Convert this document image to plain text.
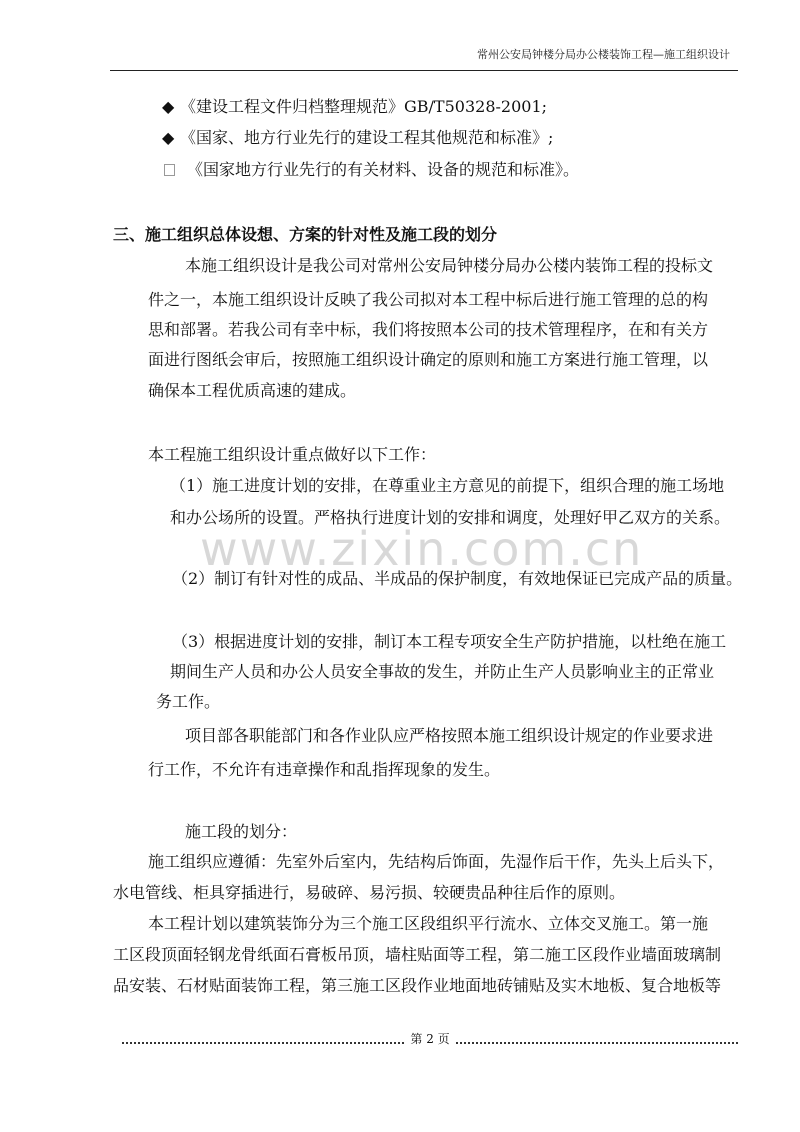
常州公安局钟楼分局办公楼装饰工程—施工组织设计
◆ 《建设工程文件归档整理规范》GB/T50328-2001;
◆ 《国家、地方行业先行的建设工程其他规范和标准》;
《国家地方行业先行的有关材料、设备的规范和标准》。
三、施工组织总体设想、方案的针对性及施工段的划分
本施工组织设计是我公司对常州公安局钟楼分局办公楼内装饰工程的投标文
件之一，本施工组织设计反映了我公司拟对本工程中标后进行施工管理的总的构
思和部署。若我公司有幸中标，我们将按照本公司的技术管理程序，在和有关方
面进行图纸会审后，按照施工组织设计确定的原则和施工方案进行施工管理，以
确保本工程优质高速的建成。
本工程施工组织设计重点做好以下工作：
（1）施工进度计划的安排，在尊重业主方意见的前提下，组织合理的施工场地
和办公场所的设置。严格执行进度计划的安排和调度，处理好甲乙双方的关系。
www.zixin.com.cn
（2）制订有针对性的成品、半成品的保护制度，有效地保证已完成产品的质量。
（3）根据进度计划的安排，制订本工程专项安全生产防护措施，以杜绝在施工
期间生产人员和办公人员安全事故的发生，并防止生产人员影响业主的正常业
务工作。
项目部各职能部门和各作业队应严格按照本施工组织设计规定的作业要求进
行工作，不允许有违章操作和乱指挥现象的发生。
施工段的划分：
施工组织应遵循：先室外后室内，先结构后饰面，先湿作后干作，先头上后头下，
水电管线、柜具穿插进行，易破碎、易污损、较硬贵品种往后作的原则。
本工程计划以建筑装饰分为三个施工区段组织平行流水、立体交叉施工。第一施
工区段顶面轻钢龙骨纸面石膏板吊顶，墙柱贴面等工程，第二施工区段作业墙面玻璃制
品安装、石材贴面装饰工程，第三施工区段作业地面地砖铺贴及实木地板、复合地板等
第 2 页
